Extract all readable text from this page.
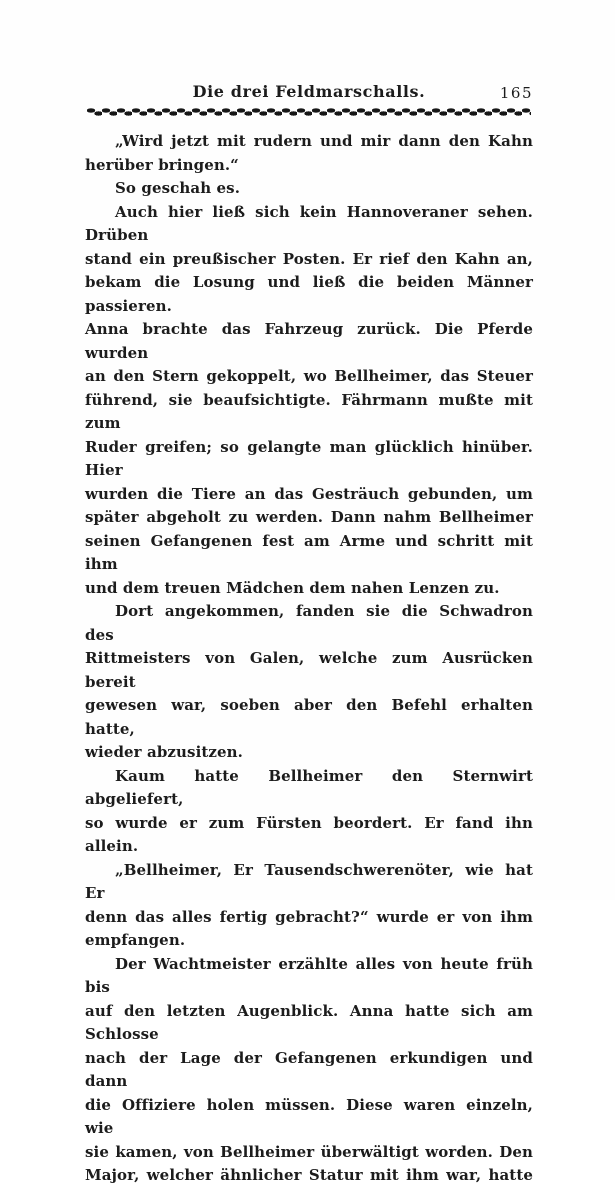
Die drei Feldmarschalls.	165
„Wird jetzt mit rudern und mir dann den Kahn
herüber bringen.“
So geschah es.
Auch hier ließ sich kein Hannoveraner sehen. Drüben
stand ein preußischer Posten. Er rief den Kahn an,
bekam die Losung und ließ die beiden Männer passieren.
Anna brachte das Fahrzeug zurück. Die Pferde wurden
an den Stern gekoppelt, wo Bellheimer, das Steuer
führend, sie beaufsichtigte. Fährmann mußte mit zum
Ruder greifen; so gelangte man glücklich hinüber. Hier
wurden die Tiere an das Gesträuch gebunden, um
später abgeholt zu werden. Dann nahm Bellheimer
seinen Gefangenen fest am Arme und schritt mit ihm
und dem treuen Mädchen dem nahen Lenzen zu.
Dort angekommen, fanden sie die Schwadron des
Rittmeisters von Galen, welche zum Ausrücken bereit
gewesen war, soeben aber den Befehl erhalten hatte,
wieder abzusitzen.
Kaum hatte Bellheimer den Sternwirt abgeliefert,
so wurde er zum Fürsten beordert. Er fand ihn allein.
„Bellheimer, Er Tausendschwerenöter, wie hat Er
denn das alles fertig gebracht?“ wurde er von ihm
empfangen.
Der Wachtmeister erzählte alles von heute früh bis
auf den letzten Augenblick. Anna hatte sich am Schlosse
nach der Lage der Gefangenen erkundigen und dann
die Offiziere holen müssen. Diese waren einzeln, wie
sie kamen, von Bellheimer überwältigt worden. Den
Major, welcher ähnlicher Statur mit ihm war, hatte
